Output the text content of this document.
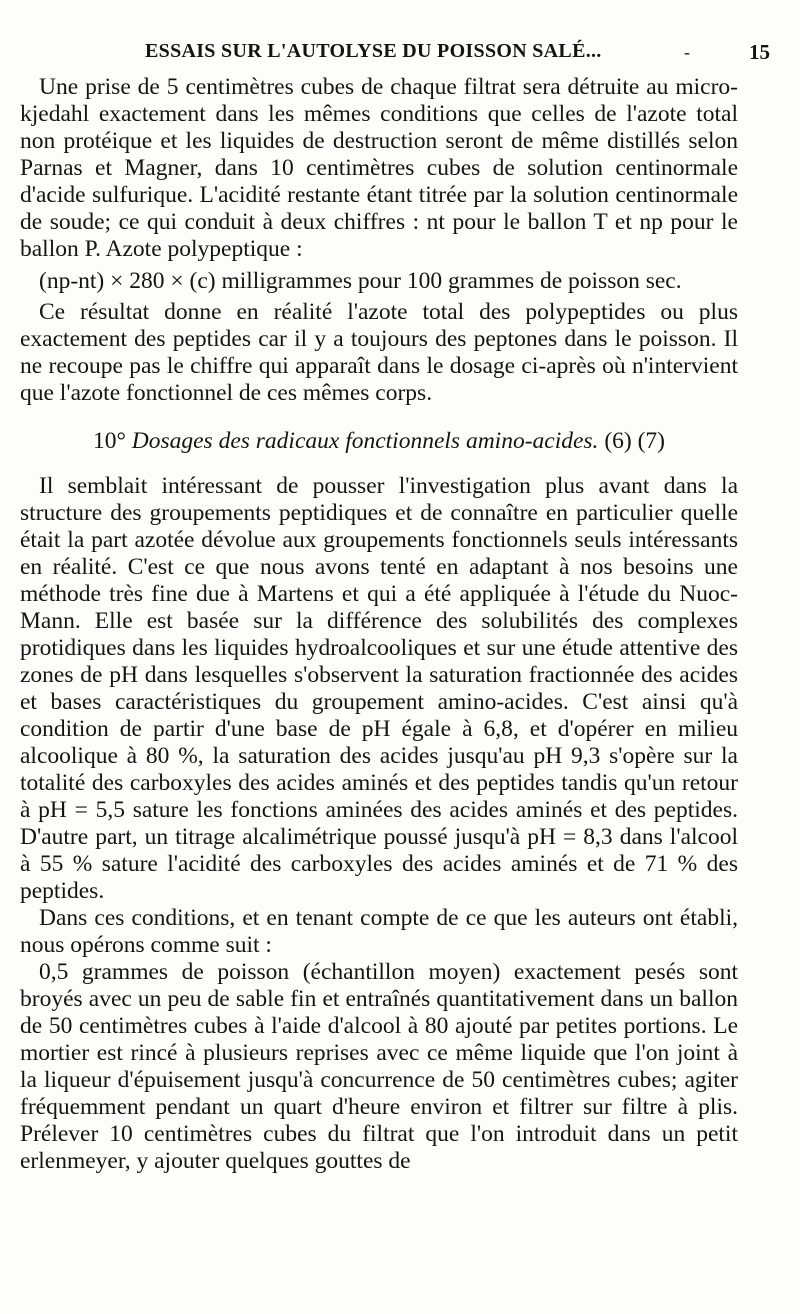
ESSAIS SUR L'AUTOLYSE DU POISSON SALÉ...	-	15

Une prise de 5 centimètres cubes de chaque filtrat sera détruite au micro-kjedahl exactement dans les mêmes conditions que celles de l'azote total non protéique et les liquides de destruction seront de même distillés selon Parnas et Magner, dans 10 centimètres cubes de solution centinormale d'acide sulfurique. L'acidité restante étant titrée par la solution centinormale de soude; ce qui conduit à deux chiffres : nt pour le ballon T et np pour le ballon P. Azote polypeptique :

(np-nt) × 280 × (c) milligrammes pour 100 grammes de poisson sec.

Ce résultat donne en réalité l'azote total des polypeptides ou plus exactement des peptides car il y a toujours des peptones dans le poisson. Il ne recoupe pas le chiffre qui apparaît dans le dosage ci-après où n'intervient que l'azote fonctionnel de ces mêmes corps.

10° Dosages des radicaux fonctionnels amino-acides. (6) (7)

Il semblait intéressant de pousser l'investigation plus avant dans la structure des groupements peptidiques et de connaître en particulier quelle était la part azotée dévolue aux groupements fonctionnels seuls intéressants en réalité. C'est ce que nous avons tenté en adaptant à nos besoins une méthode très fine due à Martens et qui a été appliquée à l'étude du Nuoc-Mann. Elle est basée sur la différence des solubilités des complexes protidiques dans les liquides hydroalcooliques et sur une étude attentive des zones de pH dans lesquelles s'observent la saturation fractionnée des acides et bases caractéristiques du groupement amino-acides. C'est ainsi qu'à condition de partir d'une base de pH égale à 6,8, et d'opérer en milieu alcoolique à 80 %, la saturation des acides jusqu'au pH 9,3 s'opère sur la totalité des carboxyles des acides aminés et des peptides tandis qu'un retour à pH = 5,5 sature les fonctions aminées des acides aminés et des peptides. D'autre part, un titrage alcalimétrique poussé jusqu'à pH = 8,3 dans l'alcool à 55 % sature l'acidité des carboxyles des acides aminés et de 71 % des peptides.

Dans ces conditions, et en tenant compte de ce que les auteurs ont établi, nous opérons comme suit :

0,5 grammes de poisson (échantillon moyen) exactement pesés sont broyés avec un peu de sable fin et entraînés quantitativement dans un ballon de 50 centimètres cubes à l'aide d'alcool à 80 ajouté par petites portions. Le mortier est rincé à plusieurs reprises avec ce même liquide que l'on joint à la liqueur d'épuisement jusqu'à concurrence de 50 centimètres cubes; agiter fréquemment pendant un quart d'heure environ et filtrer sur filtre à plis. Prélever 10 centimètres cubes du filtrat que l'on introduit dans un petit erlenmeyer, y ajouter quelques gouttes de
